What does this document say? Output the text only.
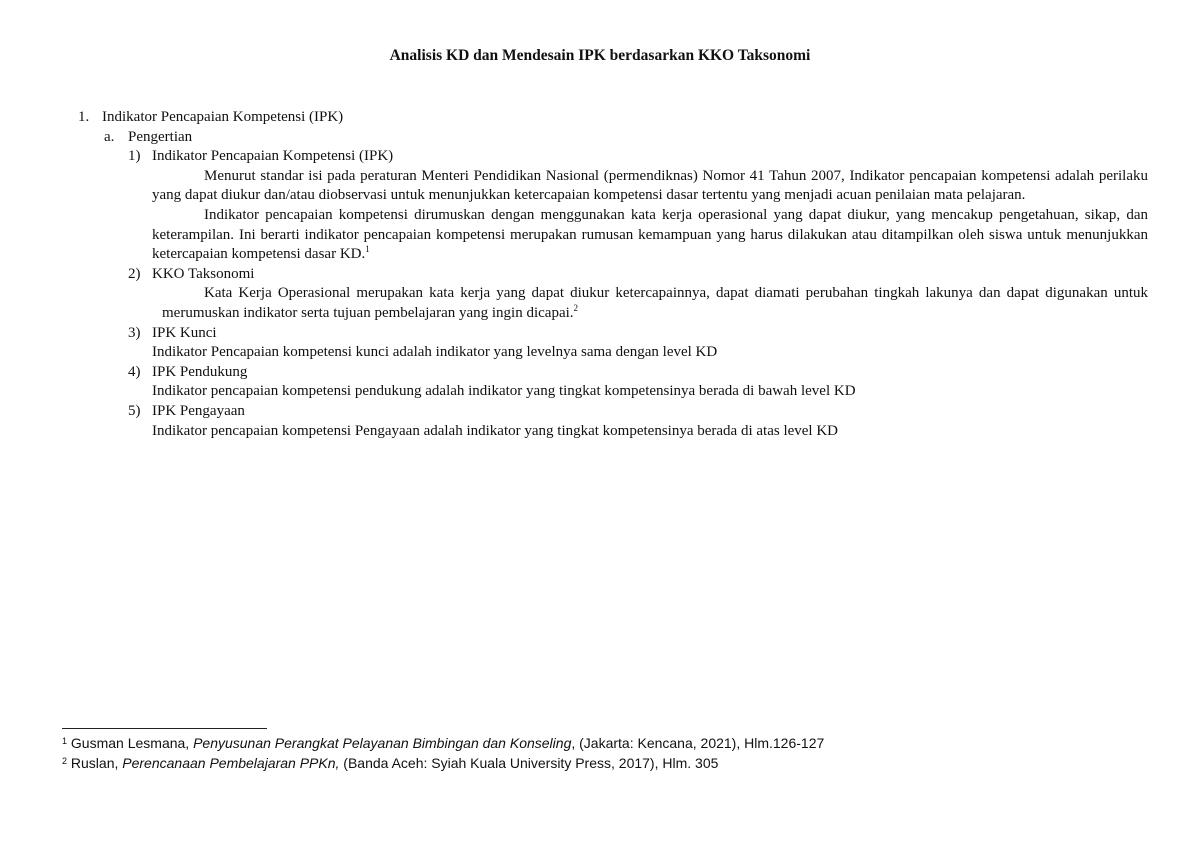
Analisis KD dan Mendesain IPK berdasarkan KKO Taksonomi
1. Indikator Pencapaian Kompetensi (IPK)
a. Pengertian
1) Indikator Pencapaian Kompetensi (IPK)
Menurut standar isi pada peraturan Menteri Pendidikan Nasional (permendiknas) Nomor 41 Tahun 2007, Indikator pencapaian kompetensi adalah perilaku yang dapat diukur dan/atau diobservasi untuk menunjukkan ketercapaian kompetensi dasar tertentu yang menjadi acuan penilaian mata pelajaran.
Indikator pencapaian kompetensi dirumuskan dengan menggunakan kata kerja operasional yang dapat diukur, yang mencakup pengetahuan, sikap, dan keterampilan. Ini berarti indikator pencapaian kompetensi merupakan rumusan kemampuan yang harus dilakukan atau ditampilkan oleh siswa untuk menunjukkan ketercapaian kompetensi dasar KD.$^1$
2) KKO Taksonomi
Kata Kerja Operasional merupakan kata kerja yang dapat diukur ketercapainnya, dapat diamati perubahan tingkah lakunya dan dapat digunakan untuk merumuskan indikator serta tujuan pembelajaran yang ingin dicapai.$^2$
3) IPK Kunci
Indikator Pencapaian kompetensi kunci adalah indikator yang levelnya sama dengan level KD
4) IPK Pendukung
Indikator pencapaian kompetensi pendukung adalah indikator yang tingkat kompetensinya berada di bawah level KD
5) IPK Pengayaan
Indikator pencapaian kompetensi Pengayaan adalah indikator yang tingkat kompetensinya berada di atas level KD
$^1$ Gusman Lesmana, Penyusunan Perangkat Pelayanan Bimbingan dan Konseling, (Jakarta: Kencana, 2021), Hlm.126-127
$^2$ Ruslan, Perencanaan Pembelajaran PPKn, (Banda Aceh: Syiah Kuala University Press, 2017), Hlm. 305
